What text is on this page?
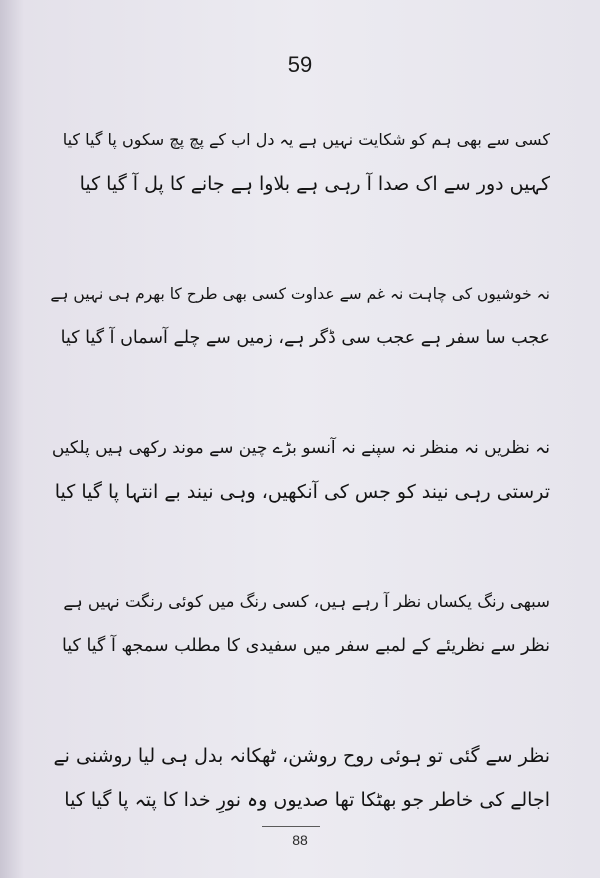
59
کسی سے بھی ہم کو شکایت نہیں ہے یہ دل اب کے پچ پچ سکوں پا گیا کیا
کہیں دور سے اک صدا آ رہی ہے بلاوا ہے جانے کا پل آ گیا کیا
نہ خوشیوں کی چاہت نہ غم سے عداوت کسی بھی طرح کا بھرم ہی نہیں ہے
عجب سا سفر ہے عجب سی ڈگر ہے، زمیں سے چلے آسماں آ گیا کیا
نہ نظریں نہ منظر نہ سپنے نہ آنسو بڑے چین سے موند رکھی ہیں پلکیں
ترستی رہی نیند کو جس کی آنکھیں، وہی نیند بے انتہا پا گیا کیا
سبھی رنگ یکساں نظر آ رہے ہیں، کسی رنگ میں کوئی رنگت نہیں ہے
نظر سے نظریئے کے لمبے سفر میں سفیدی کا مطلب سمجھ آ گیا کیا
نظر سے گئی تو ہوئی روح روشن، ٹھکانہ بدل ہی لیا روشنی نے
اجالے کی خاطر جو بھٹکا تھا صدیوں وہ نورِ خدا کا پتہ پا گیا کیا
88
